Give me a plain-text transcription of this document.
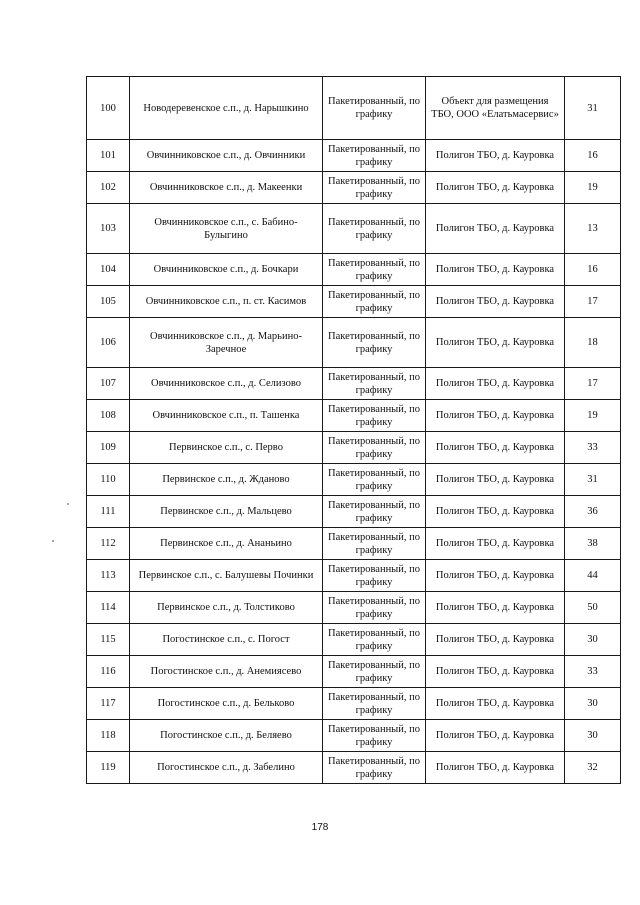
100	Новодеревенское с.п., д. Нарышкино	Пакетированный, по графику	Объект для размещения ТБО, ООО «Елатьмасервис»	31
101	Овчинниковское с.п., д. Овчинники	Пакетированный, по графику	Полигон ТБО, д. Кауровка	16
102	Овчинниковское с.п., д. Макеенки	Пакетированный, по графику	Полигон ТБО, д. Кауровка	19
103	Овчинниковское с.п., с. Бабино-Булыгино	Пакетированный, по графику	Полигон ТБО, д. Кауровка	13
104	Овчинниковское с.п., д. Бочкари	Пакетированный, по графику	Полигон ТБО, д. Кауровка	16
105	Овчинниковское с.п., п. ст. Касимов	Пакетированный, по графику	Полигон ТБО, д. Кауровка	17
106	Овчинниковское с.п., д. Марьино-Заречное	Пакетированный, по графику	Полигон ТБО, д. Кауровка	18
107	Овчинниковское с.п., д. Селизово	Пакетированный, по графику	Полигон ТБО, д. Кауровка	17
108	Овчинниковское с.п., п. Ташенка	Пакетированный, по графику	Полигон ТБО, д. Кауровка	19
109	Первинское с.п., с. Перво	Пакетированный, по графику	Полигон ТБО, д. Кауровка	33
110	Первинское с.п., д. Жданово	Пакетированный, по графику	Полигон ТБО, д. Кауровка	31
111	Первинское с.п., д. Мальцево	Пакетированный, по графику	Полигон ТБО, д. Кауровка	36
112	Первинское с.п., д. Ананьино	Пакетированный, по графику	Полигон ТБО, д. Кауровка	38
113	Первинское с.п., с. Балушевы Починки	Пакетированный, по графику	Полигон ТБО, д. Кауровка	44
114	Первинское с.п., д. Толстиково	Пакетированный, по графику	Полигон ТБО, д. Кауровка	50
115	Погостинское с.п., с. Погост	Пакетированный, по графику	Полигон ТБО, д. Кауровка	30
116	Погостинское с.п., д. Анемиясево	Пакетированный, по графику	Полигон ТБО, д. Кауровка	33
117	Погостинское с.п., д. Бельково	Пакетированный, по графику	Полигон ТБО, д. Кауровка	30
118	Погостинское с.п., д. Беляево	Пакетированный, по графику	Полигон ТБО, д. Кауровка	30
119	Погостинское с.п., д. Забелино	Пакетированный, по графику	Полигон ТБО, д. Кауровка	32
178
